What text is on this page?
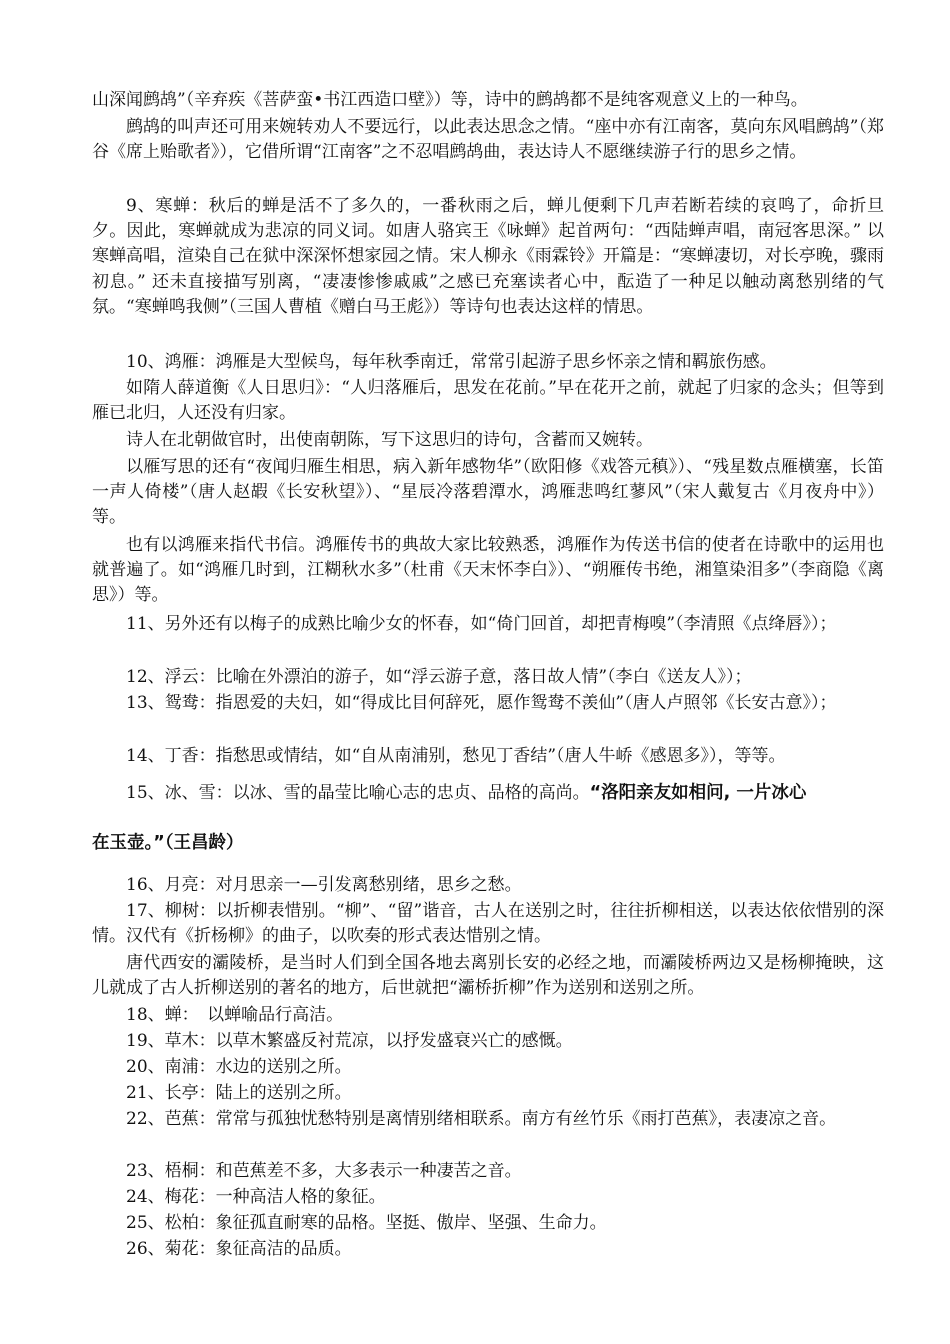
山深闻鹧鸪”（辛弃疾《菩萨蛮•书江西造口壁》）等，诗中的鹧鸪都不是纯客观意义上的一种鸟。

鹧鸪的叫声还可用来婉转劝人不要远行，以此表达思念之情。“座中亦有江南客，莫向东风唱鹧鸪”（郑谷《席上贻歌者》），它借所谓“江南客”之不忍唱鹧鸪曲，表达诗人不愿继续游子行的思乡之情。

9、寒蝉：秋后的蝉是活不了多久的，一番秋雨之后，蝉儿便剩下几声若断若续的哀鸣了，命折旦夕。因此，寒蝉就成为悲凉的同义词。如唐人骆宾王《咏蝉》起首两句：“西陆蝉声唱，南冠客思深。” 以寒蝉高唱，渲染自己在狱中深深怀想家园之情。宋人柳永《雨霖铃》开篇是：“寒蝉凄切，对长亭晚，骤雨初息。” 还未直接描写别离，“凄凄惨惨戚戚”之感已充塞读者心中，酝造了一种足以触动离愁别绪的气氛。“寒蝉鸣我侧”（三国人曹植《赠白马王彪》）等诗句也表达这样的情思。

10、鸿雁：鸿雁是大型候鸟，每年秋季南迁，常常引起游子思乡怀亲之情和羁旅伤感。

如隋人薛道衡《人日思归》：“人归落雁后，思发在花前。”早在花开之前，就起了归家的念头；但等到雁已北归，人还没有归家。

诗人在北朝做官时，出使南朝陈，写下这思归的诗句，含蓄而又婉转。

以雁写思的还有“夜闻归雁生相思，病入新年感物华”（欧阳修《戏答元稹》）、“残星数点雁横塞，长笛一声人倚楼”（唐人赵嘏《长安秋望》）、“星辰冷落碧潭水，鸿雁悲鸣红蓼风”（宋人戴复古《月夜舟中》）等。

也有以鸿雁来指代书信。鸿雁传书的典故大家比较熟悉，鸿雁作为传送书信的使者在诗歌中的运用也就普遍了。如“鸿雁几时到，江糊秋水多”（杜甫《天末怀李白》）、“朔雁传书绝，湘篁染泪多”（李商隐《离思》）等。

11、另外还有以梅子的成熟比喻少女的怀春，如“倚门回首，却把青梅嗅”（李清照《点绛唇》）；

12、浮云：比喻在外漂泊的游子，如“浮云游子意，落日故人情”（李白《送友人》）；

13、鸳鸯：指恩爱的夫妇，如“得成比目何辞死，愿作鸳鸯不羡仙”（唐人卢照邻《长安古意》）；

14、丁香：指愁思或情结，如“自从南浦别，愁见丁香结”（唐人牛峤《感恩多》），等等。

15、冰、雪：以冰、雪的晶莹比喻心志的忠贞、品格的高尚。“洛阳亲友如相问, 一片冰心

在玉壶。”（王昌龄）

16、月亮：对月思亲一—引发离愁别绪，思乡之愁。

17、柳树：以折柳表惜别。“柳”、“留”谐音，古人在送别之时，往往折柳相送，以表达依依惜别的深情。汉代有《折杨柳》的曲子，以吹奏的形式表达惜别之情。

唐代西安的灞陵桥，是当时人们到全国各地去离别长安的必经之地，而灞陵桥两边又是杨柳掩映，这儿就成了古人折柳送别的著名的地方，后世就把“灞桥折柳”作为送别和送别之所。

18、蝉：　以蝉喻品行高洁。

19、草木：以草木繁盛反衬荒凉，以抒发盛衰兴亡的感慨。

20、南浦：水边的送别之所。

21、长亭：陆上的送别之所。

22、芭蕉：常常与孤独忧愁特别是离情别绪相联系。南方有丝竹乐《雨打芭蕉》，表凄凉之音。

23、梧桐：和芭蕉差不多，大多表示一种凄苦之音。

24、梅花：一种高洁人格的象征。

25、松柏：象征孤直耐寒的品格。坚挺、傲岸、坚强、生命力。

26、菊花：象征高洁的品质。
